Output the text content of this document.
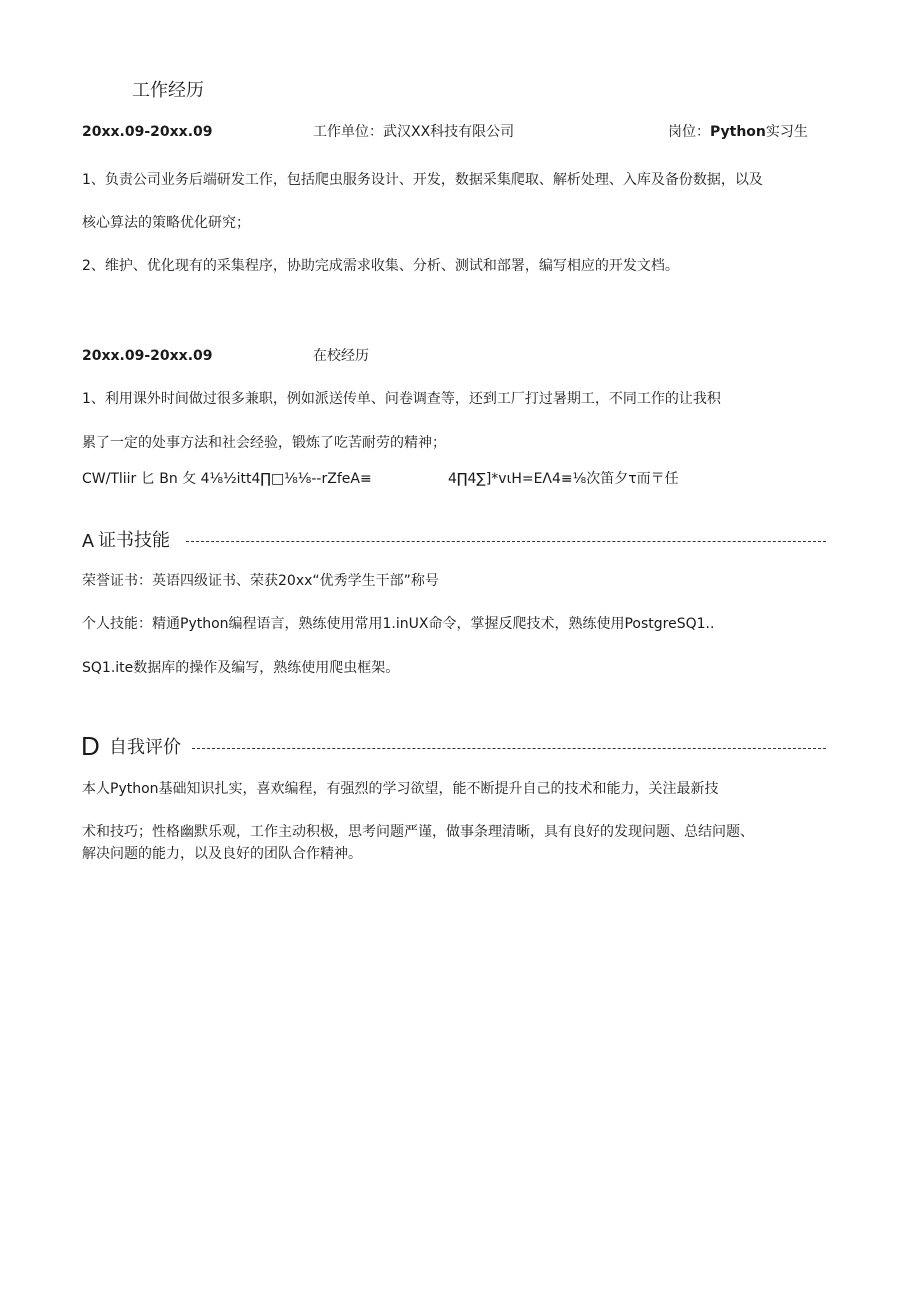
工作经历
20xx.09-20xx.09	工作单位：武汉XX科技有限公司	岗位：Python实习生
1、负责公司业务后端研发工作，包括爬虫服务设计、开发，数据采集爬取、解析处理、入库及备份数据，以及
核心算法的策略优化研究；
2、维护、优化现有的采集程序，协助完成需求收集、分析、测试和部署，编写相应的开发文档。
20xx.09-20xx.09	在校经历
1、利用课外时间做过很多兼职，例如派送传单、问卷调查等，还到工厂打过暑期工，不同工作的让我积
累了一定的处事方法和社会经验，锻炼了吃苦耐劳的精神；
CW/Tliir 匕 Bn 攵 4⅛½itt4∏□⅛⅛--rZfeA≡	4∏4∑]*vιH=EΛ4≡⅛次笛夕τ而〒任
A 证书技能
荣誉证书：英语四级证书、荣获20xx“优秀学生干部”称号
个人技能：精通Python编程语言，熟练使用常用1.inUX命令，掌握反爬技术，熟练使用PostgreSQ1..
SQ1.ite数据库的操作及编写，熟练使用爬虫框架。
D 自我评价
本人Python基础知识扎实，喜欢编程，有强烈的学习欲望，能不断提升自己的技术和能力，关注最新技
术和技巧；性格幽默乐观，工作主动积极，思考问题严谨，做事条理清晰，具有良好的发现问题、总结问题、
解决问题的能力，以及良好的团队合作精神。
